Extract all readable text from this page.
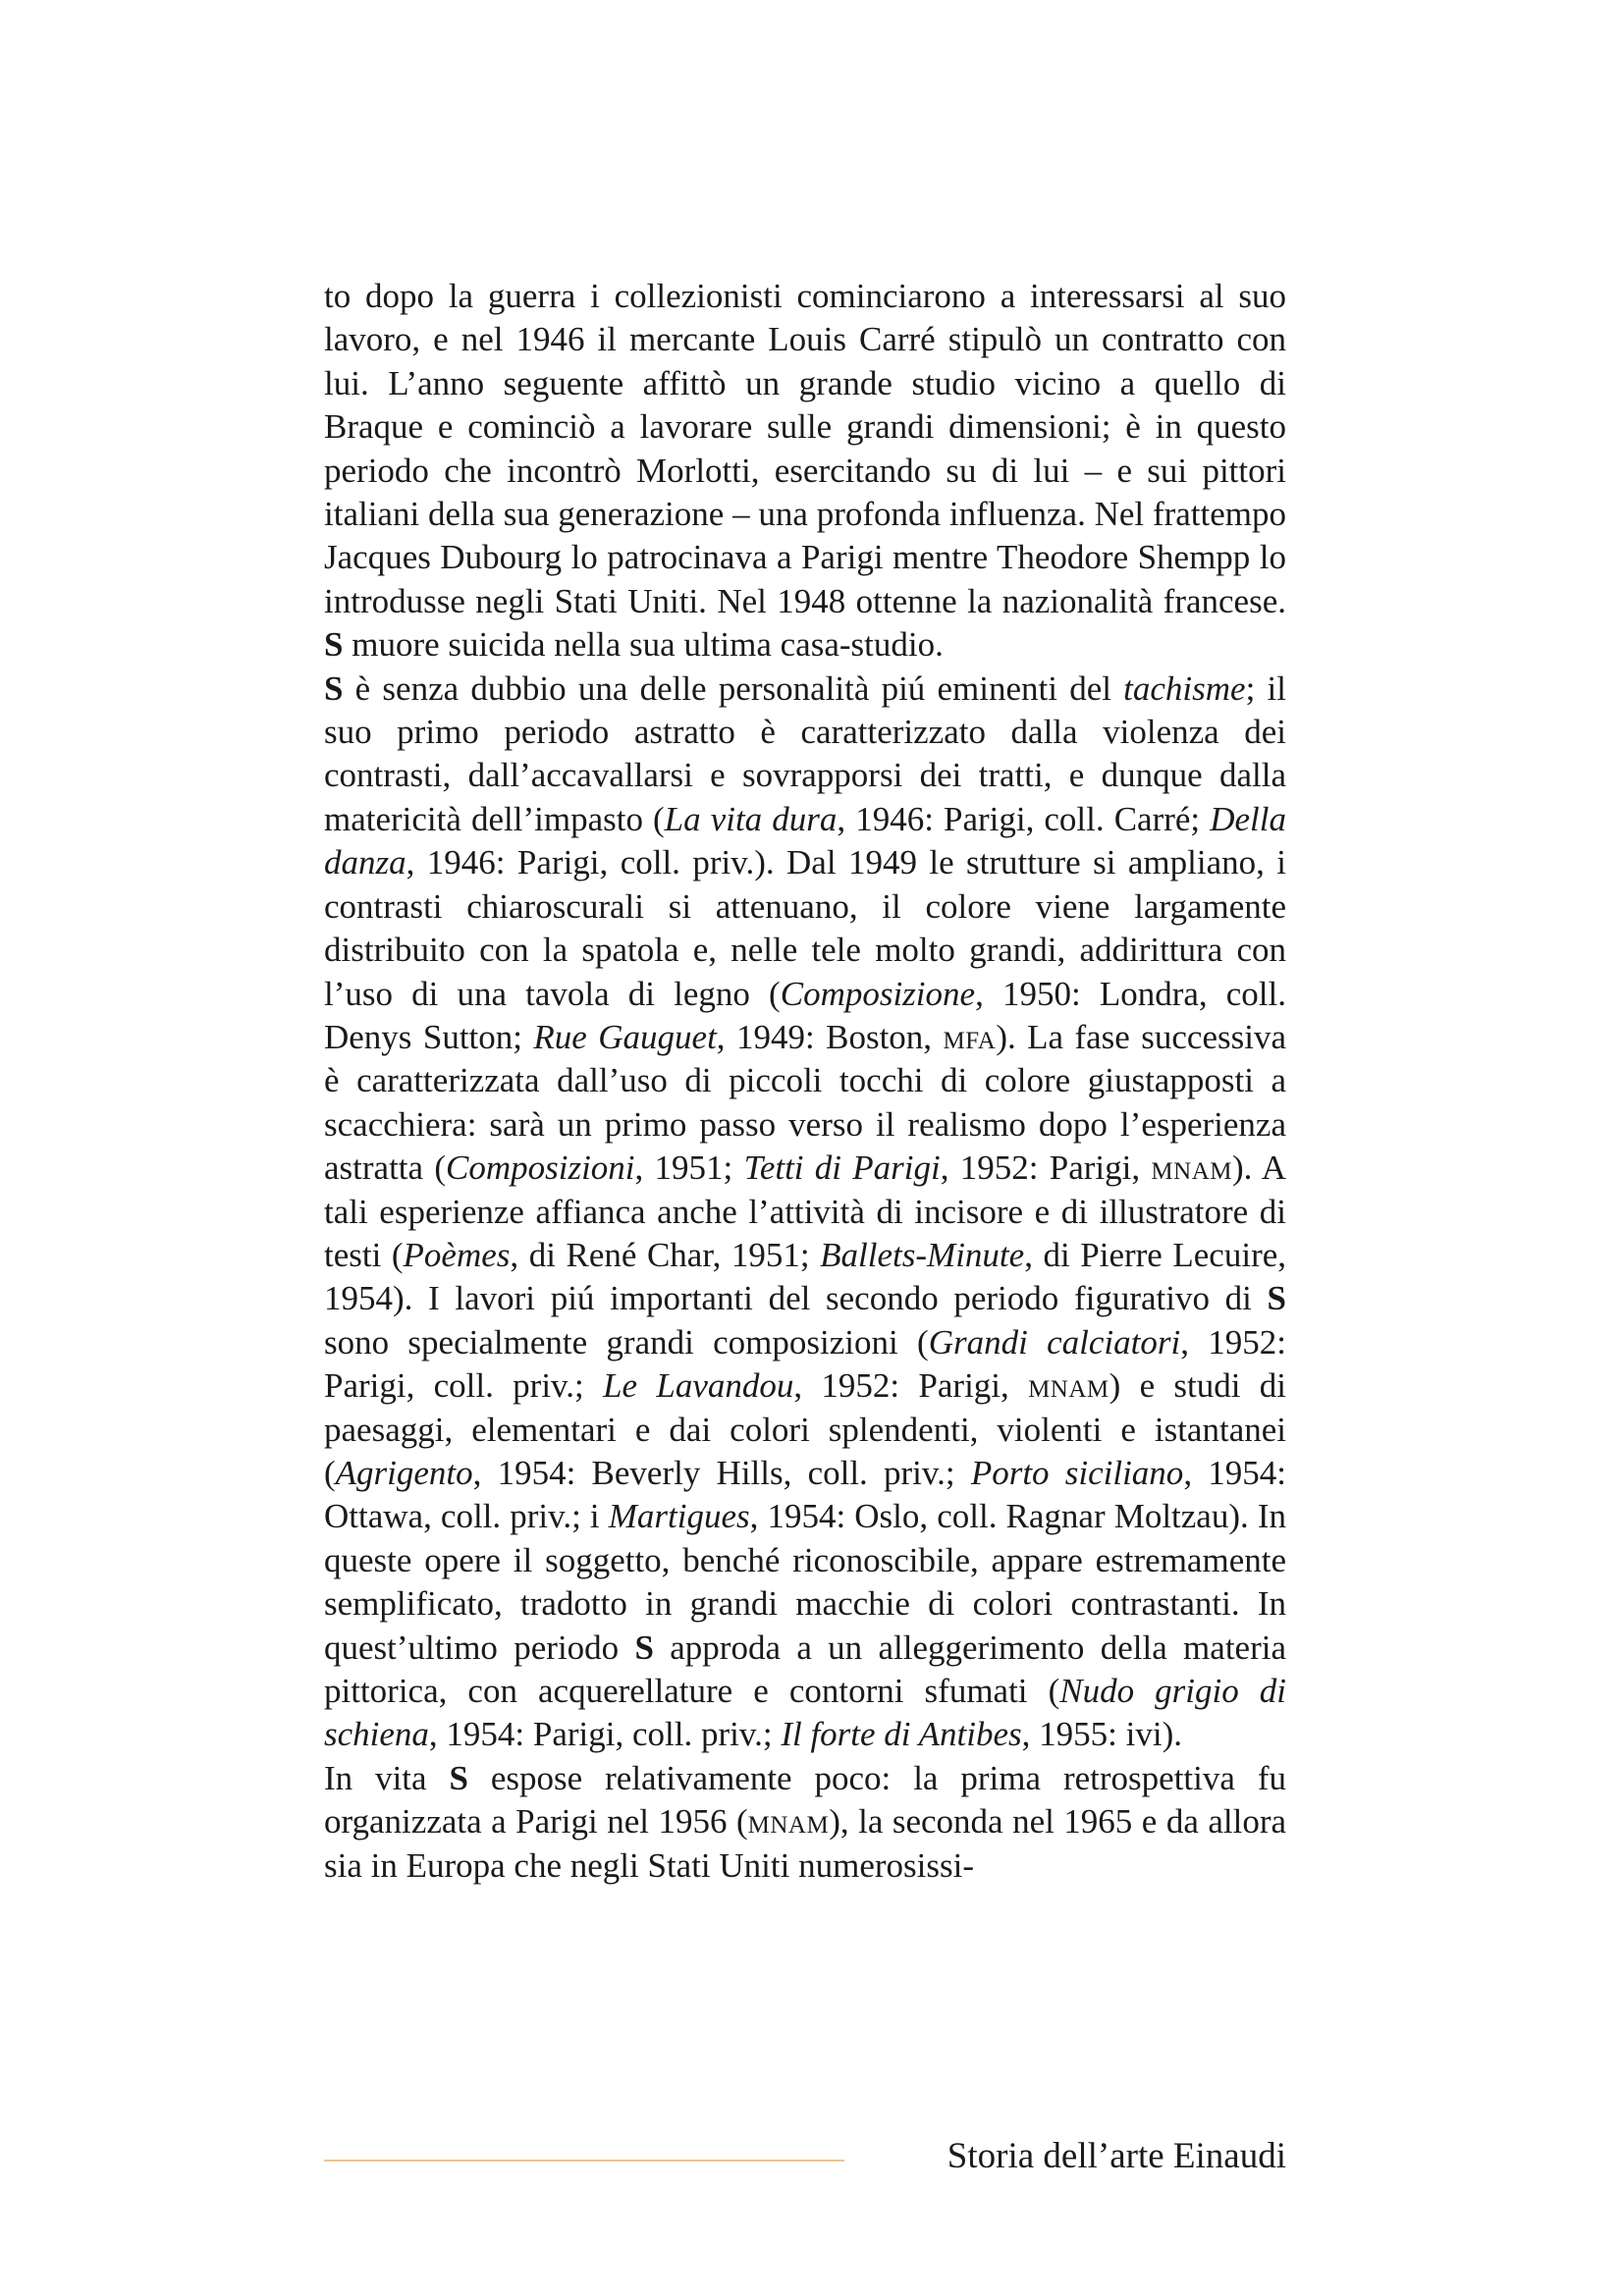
to dopo la guerra i collezionisti cominciarono a interessarsi al suo lavoro, e nel 1946 il mercante Louis Carré stipulò un contratto con lui. L’anno seguente affittò un grande studio vicino a quello di Braque e cominciò a lavorare sulle grandi dimensioni; è in questo periodo che incontrò Morlotti, esercitando su di lui – e sui pittori italiani della sua generazione – una profonda influenza. Nel frattempo Jacques Dubourg lo patrocinava a Parigi mentre Theodore Shempp lo introdusse negli Stati Uniti. Nel 1948 ottenne la nazionalità francese. S muore suicida nella sua ultima casa-studio.

S è senza dubbio una delle personalità piú eminenti del tachisme; il suo primo periodo astratto è caratterizzato dalla violenza dei contrasti, dall’accavallarsi e sovrapporsi dei tratti, e dunque dalla matericità dell’impasto (La vita dura, 1946: Parigi, coll. Carré; Della danza, 1946: Parigi, coll. priv.). Dal 1949 le strutture si ampliano, i contrasti chiaroscurali si attenuano, il colore viene largamente distribuito con la spatola e, nelle tele molto grandi, addirittura con l’uso di una tavola di legno (Composizione, 1950: Londra, coll. Denys Sutton; Rue Gauguet, 1949: Boston, mfa). La fase successiva è caratterizzata dall’uso di piccoli tocchi di colore giustapposti a scacchiera: sarà un primo passo verso il realismo dopo l’esperienza astratta (Composizioni, 1951; Tetti di Parigi, 1952: Parigi, mnam). A tali esperienze affianca anche l’attività di incisore e di illustratore di testi (Poèmes, di René Char, 1951; Ballets-Minute, di Pierre Lecuire, 1954). I lavori piú importanti del secondo periodo figurativo di S sono specialmente grandi composizioni (Grandi calciatori, 1952: Parigi, coll. priv.; Le Lavandou, 1952: Parigi, mnam) e studi di paesaggi, elementari e dai colori splendenti, violenti e istantanei (Agrigento, 1954: Beverly Hills, coll. priv.; Porto siciliano, 1954: Ottawa, coll. priv.; i Martigues, 1954: Oslo, coll. Ragnar Moltzau). In queste opere il soggetto, benché riconoscibile, appare estremamente semplificato, tradotto in grandi macchie di colori contrastanti. In quest’ultimo periodo S approda a un alleggerimento della materia pittorica, con acquerellature e contorni sfumati (Nudo grigio di schiena, 1954: Parigi, coll. priv.; Il forte di Antibes, 1955: ivi).

In vita S espose relativamente poco: la prima retrospettiva fu organizzata a Parigi nel 1956 (mnam), la seconda nel 1965 e da allora sia in Europa che negli Stati Uniti numerosissi-

Storia dell’arte Einaudi
